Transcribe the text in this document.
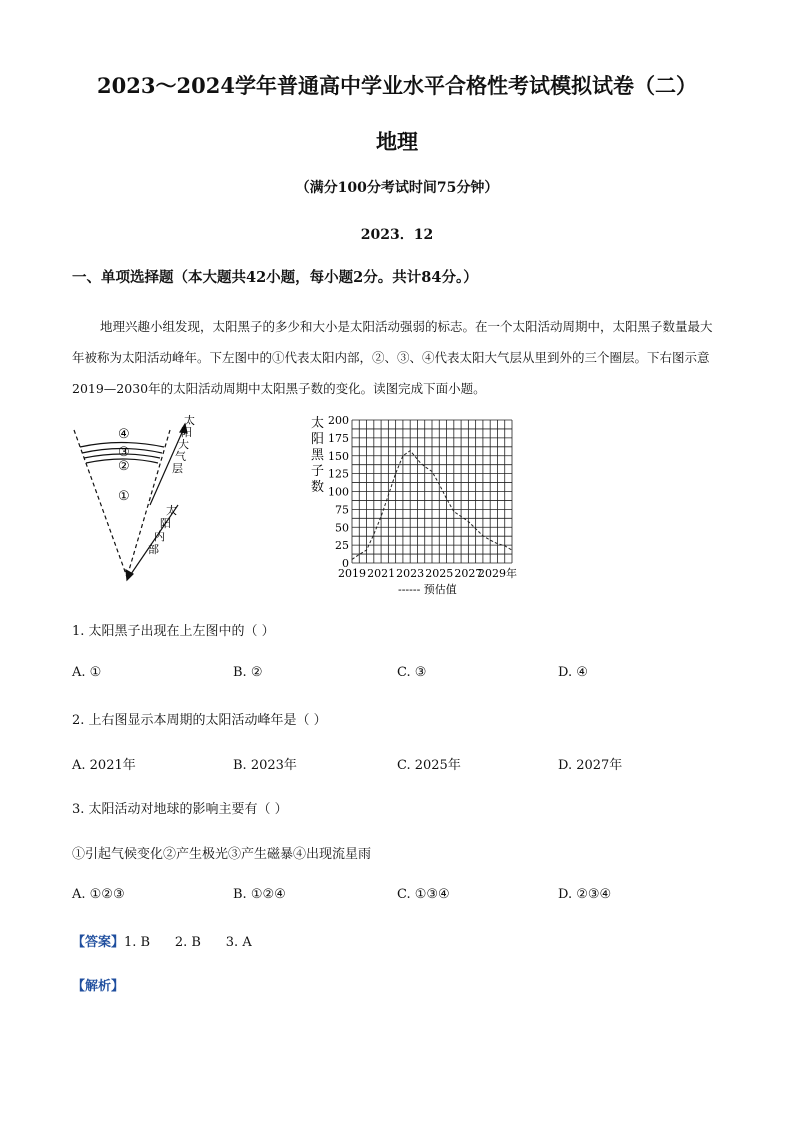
2023～2024学年普通高中学业水平合格性考试模拟试卷（二）
地理
（满分100分考试时间75分钟）
2023．12
一、单项选择题（本大题共42小题，每小题2分。共计84分。）
地理兴趣小组发现，太阳黑子的多少和大小是太阳活动强弱的标志。在一个太阳活动周期中，太阳黑子数量最大年被称为太阳活动峰年。下左图中的①代表太阳内部，②、③、④代表太阳大气层从里到外的三个圈层。下右图示意2019—2030年的太阳活动周期中太阳黑子数的变化。读图完成下面小题。
④
③
②
①
太
阳
大
气
层
太
阳
内
部
太
阳
黑
子
数
200
175
150
125
100
75
50
25
0
2019 2021 2023 2025 2027
2029年
------ 预估值
1. 太阳黑子出现在上左图中的（ ）
A. ①	B. ②	C. ③	D. ④
2. 上右图显示本周期的太阳活动峰年是（ ）
A. 2021年	B. 2023年	C. 2025年	D. 2027年
3. 太阳活动对地球的影响主要有（ ）
①引起气候变化②产生极光③产生磁暴④出现流星雨
A. ①②③	B. ①②④	C. ①③④	D. ②③④
【答案】1. B      2. B      3. A
【解析】
